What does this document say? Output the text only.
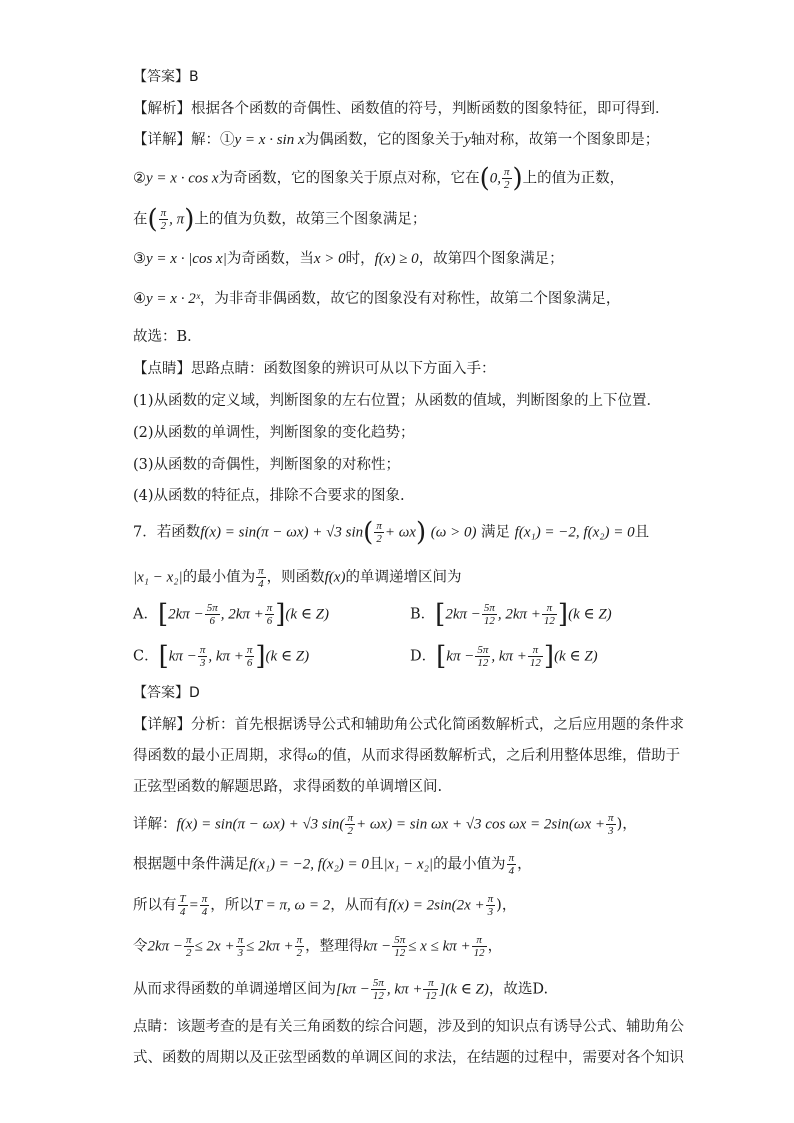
【答案】B
【解析】根据各个函数的奇偶性、函数值的符号，判断函数的图象特征，即可得到．
【详解】解：①y = x · sin x为偶函数，它的图象关于y轴对称，故第一个图象即是；
②y = x · cos x为奇函数，它的图象关于原点对称，它在(0, $\frac{\pi}{2}$ )上的值为正数，
在( $\frac{\pi}{2}$ , π)上的值为负数，故第三个图象满足；
③y = x · |cos x|为奇函数，当x > 0时，f(x) ≥ 0，故第四个图象满足；
④y = x · 2ˣ，为非奇非偶函数，故它的图象没有对称性，故第二个图象满足，
故选：B．
【点睛】思路点睛：函数图象的辨识可从以下方面入手：
(1)从函数的定义域，判断图象的左右位置；从函数的值域，判断图象的上下位置．
(2)从函数的单调性，判断图象的变化趋势；
(3)从函数的奇偶性，判断图象的对称性；
(4)从函数的特征点，排除不合要求的图象.
7．若函数f(x) = sin(π − ωx) + √3 $\sin( \frac{\pi}{2} + \omega x)$ (ω > 0) 满足 f(x₁) = −2, f(x₂) = 0且
|x₁ − x₂|的最小值为 $\frac{\pi}{4}$ ，则函数f(x)的单调递增区间为
A．[$2k\pi - \frac{5\pi}{6}$ , $2k\pi + \frac{\pi}{6} ](k$ ∈ Z)	B．[$2k\pi - \frac{5\pi}{12}$ , $2k\pi + \frac{\pi}{12} ](k$ ∈ Z)
C．[$k\pi - \frac{\pi}{3}$ , $k\pi + \frac{\pi}{6} ](k$ ∈ Z)	D．[$k\pi - \frac{5\pi}{12}$ , $k\pi + \frac{\pi}{12} ](k$ ∈ Z)
【答案】D
【详解】分析：首先根据诱导公式和辅助角公式化简函数解析式，之后应用题的条件求
得函数的最小正周期，求得ω的值，从而求得函数解析式，之后利用整体思维，借助于
正弦型函数的解题思路，求得函数的单调增区间.
详解：f(x) = sin(π − ωx) + √3 $\sin( \frac{\pi}{2} + \omega x) = \sin \omega x + √3$ $\cos \omega x = 2\sin(\omega x + \frac{\pi}{3}$ )，
根据题中条件满足f(x₁) = −2, f(x₂) = 0且|x₁ − x₂|的最小值为 $\frac{\pi}{4}$ ，
所以有 $\frac{T}{4} = \frac{\pi}{4}$ ，所以T = π, ω = 2，从而有$f(x) = 2\sin(2x + \frac{\pi}{3}$ )，
令$2k\pi - \frac{\pi}{2} \le 2x + \frac{\pi}{3} \le 2k\pi + \frac{\pi}{2}$ ，整理得$k\pi - \frac{5\pi}{12} \le x \le k\pi + \frac{\pi}{12}$ ，
从而求得函数的单调递增区间为[$k\pi - \frac{5\pi}{12}$ , $k\pi + \frac{\pi}{12} ](k$ ∈ Z)，故选D.
点睛：该题考查的是有关三角函数的综合问题，涉及到的知识点有诱导公式、辅助角公
式、函数的周期以及正弦型函数的单调区间的求法，在结题的过程中，需要对各个知识
